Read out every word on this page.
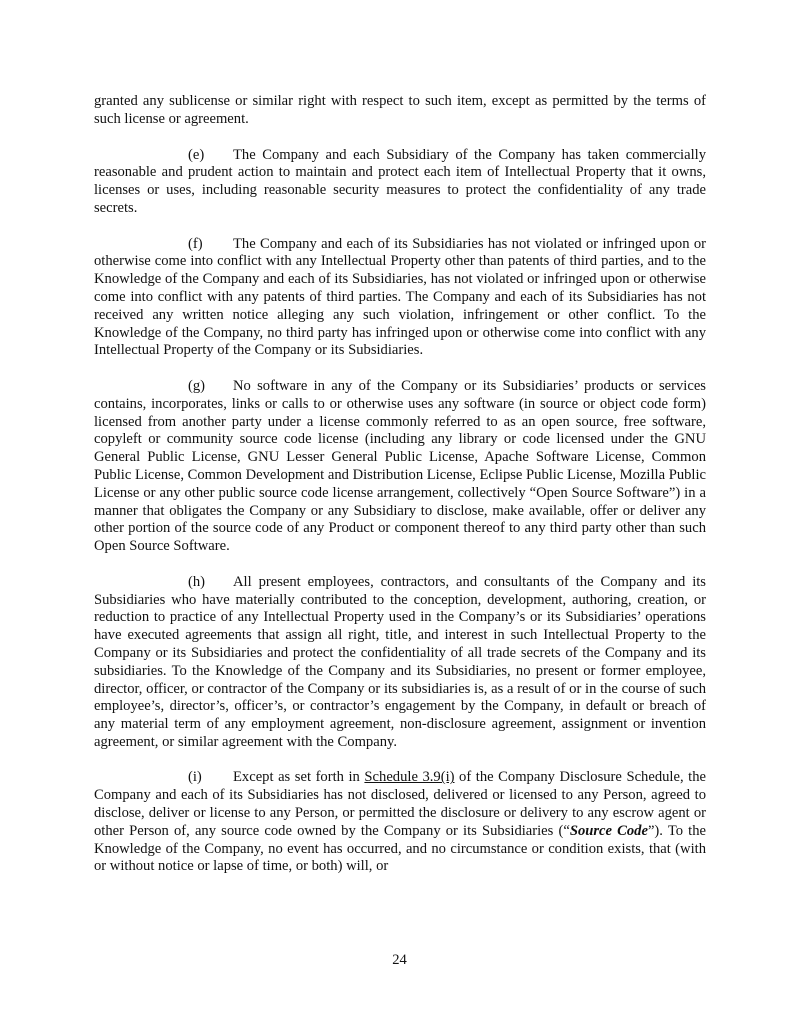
granted any sublicense or similar right with respect to such item, except as permitted by the terms of such license or agreement.

(e) The Company and each Subsidiary of the Company has taken commercially reasonable and prudent action to maintain and protect each item of Intellectual Property that it owns, licenses or uses, including reasonable security measures to protect the confidentiality of any trade secrets.

(f) The Company and each of its Subsidiaries has not violated or infringed upon or otherwise come into conflict with any Intellectual Property other than patents of third parties, and to the Knowledge of the Company and each of its Subsidiaries, has not violated or infringed upon or otherwise come into conflict with any patents of third parties. The Company and each of its Subsidiaries has not received any written notice alleging any such violation, infringement or other conflict. To the Knowledge of the Company, no third party has infringed upon or otherwise come into conflict with any Intellectual Property of the Company or its Subsidiaries.

(g) No software in any of the Company or its Subsidiaries’ products or services contains, incorporates, links or calls to or otherwise uses any software (in source or object code form) licensed from another party under a license commonly referred to as an open source, free software, copyleft or community source code license (including any library or code licensed under the GNU General Public License, GNU Lesser General Public License, Apache Software License, Common Public License, Common Development and Distribution License, Eclipse Public License, Mozilla Public License or any other public source code license arrangement, collectively “Open Source Software”) in a manner that obligates the Company or any Subsidiary to disclose, make available, offer or deliver any other portion of the source code of any Product or component thereof to any third party other than such Open Source Software.

(h) All present employees, contractors, and consultants of the Company and its Subsidiaries who have materially contributed to the conception, development, authoring, creation, or reduction to practice of any Intellectual Property used in the Company’s or its Subsidiaries’ operations have executed agreements that assign all right, title, and interest in such Intellectual Property to the Company or its Subsidiaries and protect the confidentiality of all trade secrets of the Company and its subsidiaries. To the Knowledge of the Company and its Subsidiaries, no present or former employee, director, officer, or contractor of the Company or its subsidiaries is, as a result of or in the course of such employee’s, director’s, officer’s, or contractor’s engagement by the Company, in default or breach of any material term of any employment agreement, non-disclosure agreement, assignment or invention agreement, or similar agreement with the Company.

(i) Except as set forth in Schedule 3.9(i) of the Company Disclosure Schedule, the Company and each of its Subsidiaries has not disclosed, delivered or licensed to any Person, agreed to disclose, deliver or license to any Person, or permitted the disclosure or delivery to any escrow agent or other Person of, any source code owned by the Company or its Subsidiaries (“Source Code”). To the Knowledge of the Company, no event has occurred, and no circumstance or condition exists, that (with or without notice or lapse of time, or both) will, or

24
